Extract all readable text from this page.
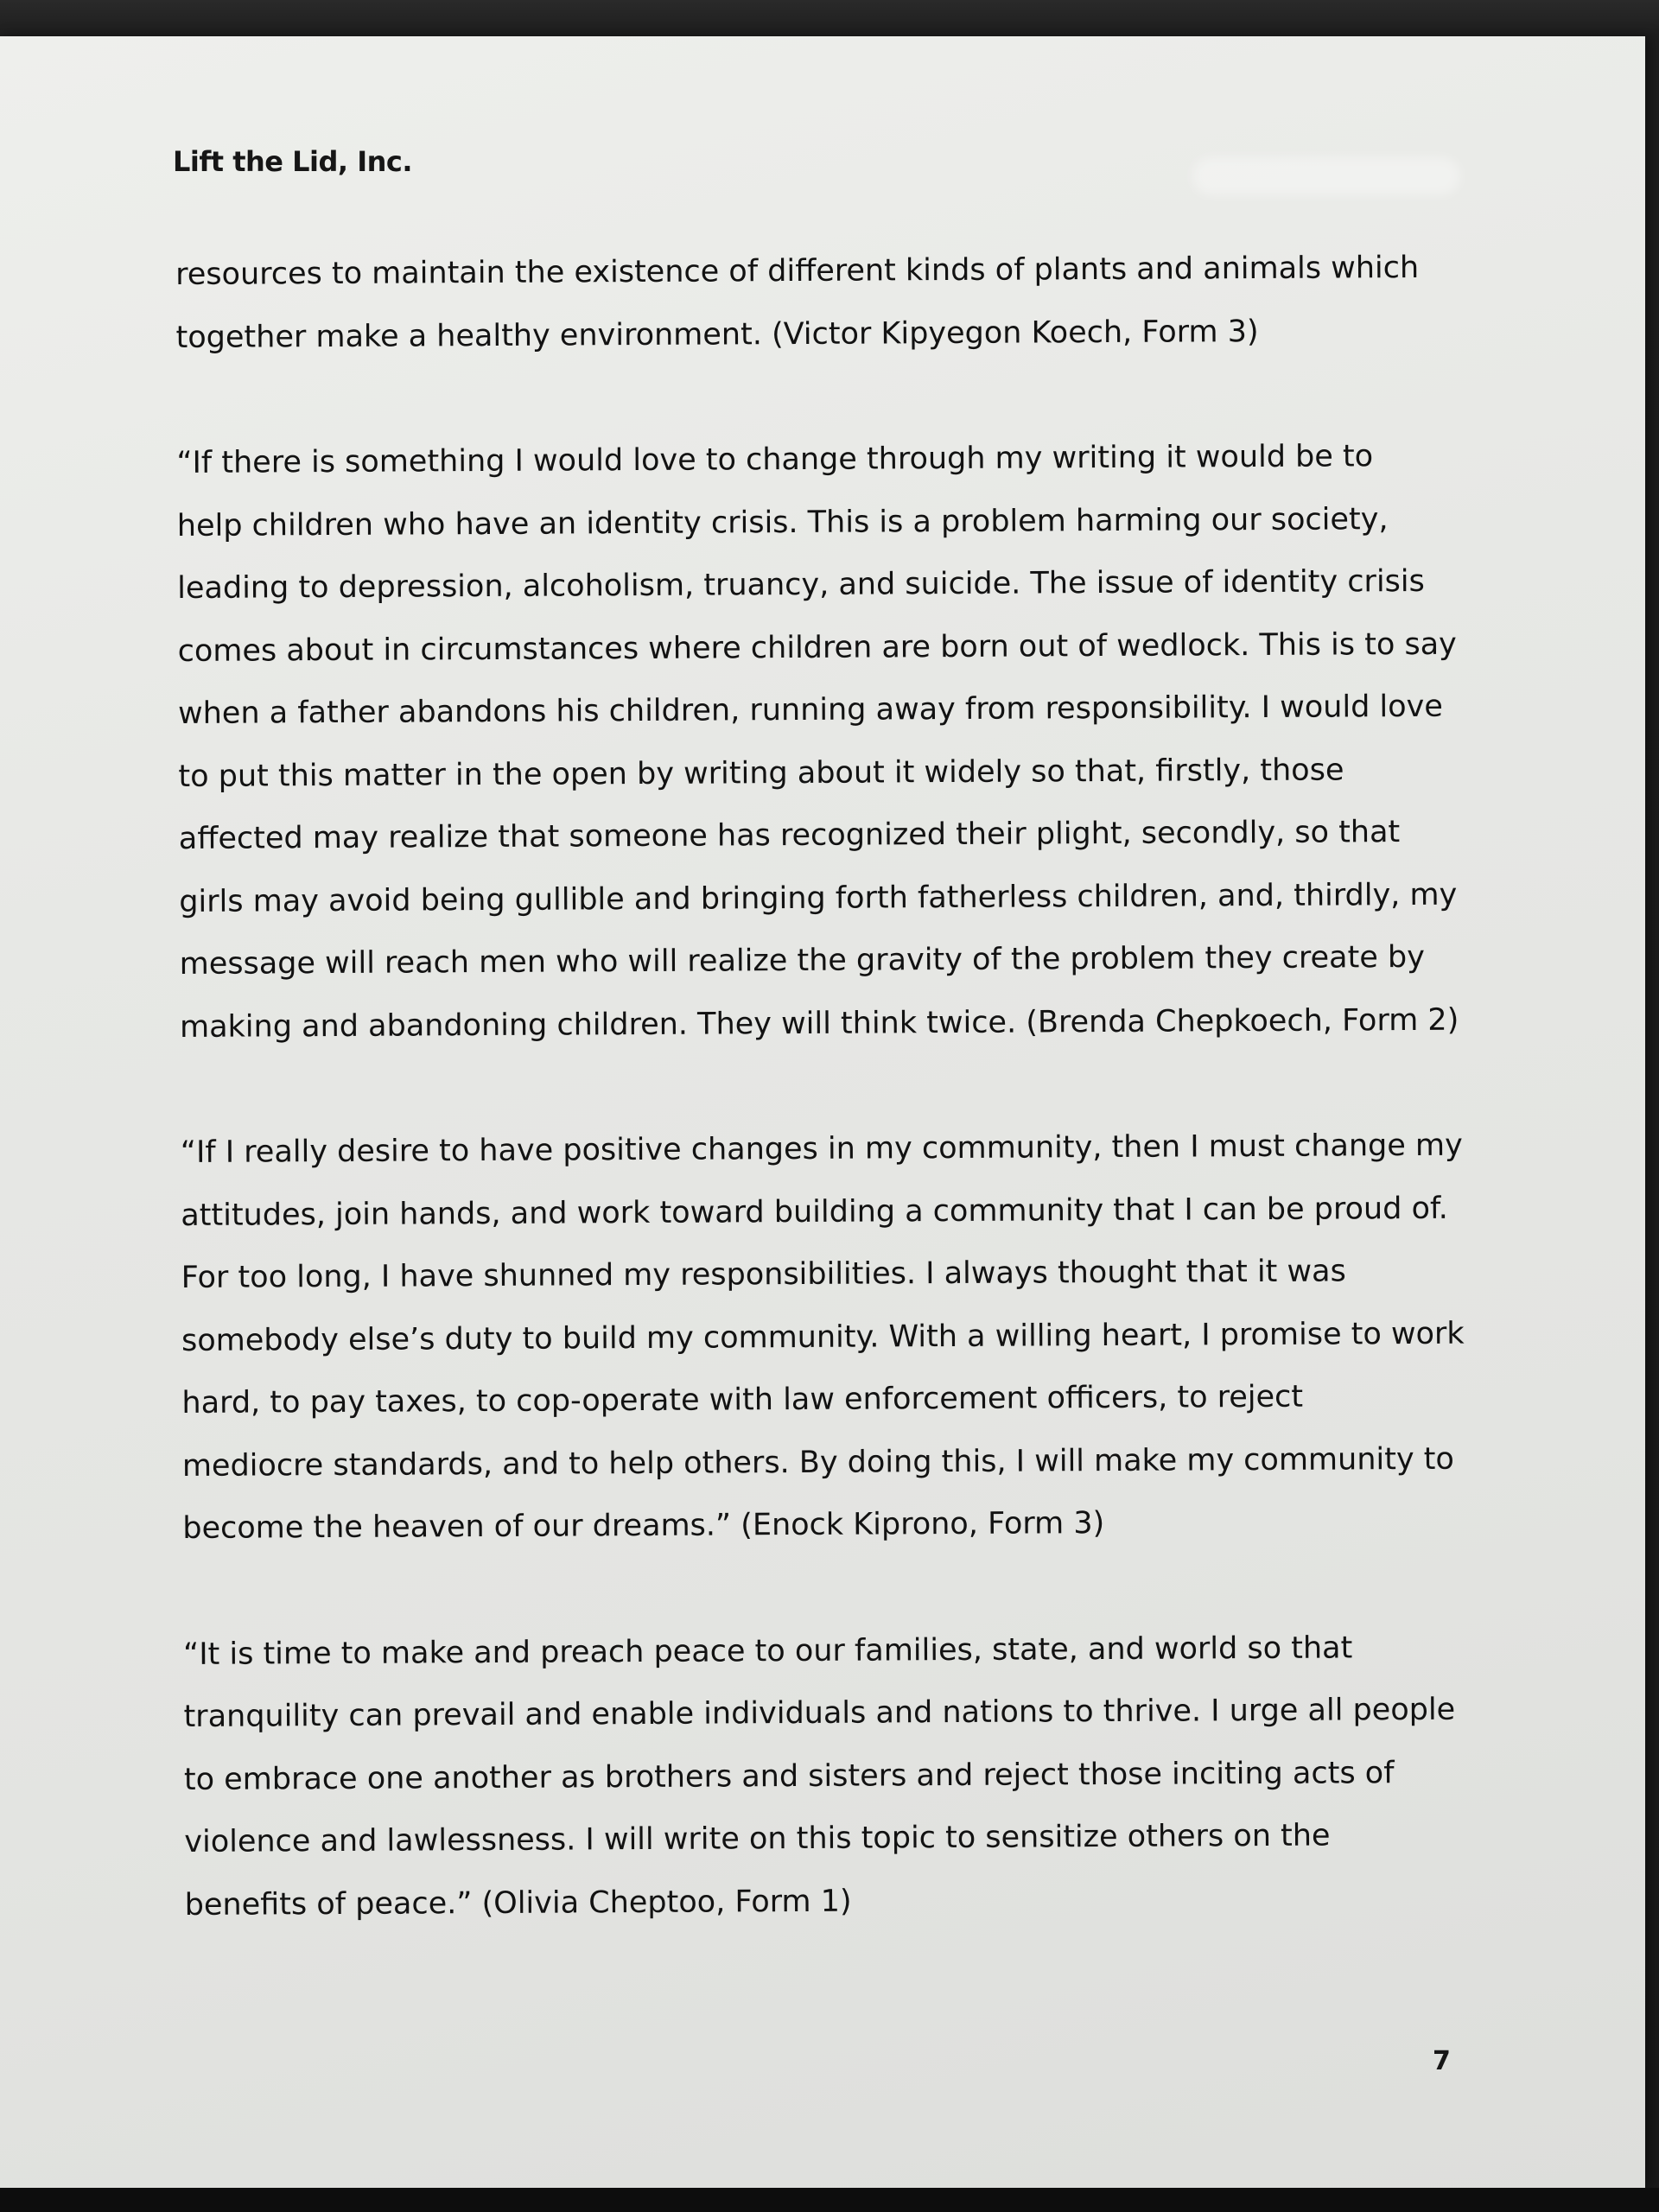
Lift the Lid, Inc.
resources to maintain the existence of different kinds of plants and animals which
together make a healthy environment. (Victor Kipyegon Koech, Form 3)
“If there is something I would love to change through my writing it would be to
help children who have an identity crisis. This is a problem harming our society,
leading to depression, alcoholism, truancy, and suicide. The issue of identity crisis
comes about in circumstances where children are born out of wedlock. This is to say
when a father abandons his children, running away from responsibility. I would love
to put this matter in the open by writing about it widely so that, firstly, those
affected may realize that someone has recognized their plight, secondly, so that
girls may avoid being gullible and bringing forth fatherless children, and, thirdly, my
message will reach men who will realize the gravity of the problem they create by
making and abandoning children. They will think twice. (Brenda Chepkoech, Form 2)
“If I really desire to have positive changes in my community, then I must change my
attitudes, join hands, and work toward building a community that I can be proud of.
For too long, I have shunned my responsibilities. I always thought that it was
somebody else’s duty to build my community. With a willing heart, I promise to work
hard, to pay taxes, to cop-operate with law enforcement officers, to reject
mediocre standards, and to help others. By doing this, I will make my community to
become the heaven of our dreams.” (Enock Kiprono, Form 3)
“It is time to make and preach peace to our families, state, and world so that
tranquility can prevail and enable individuals and nations to thrive. I urge all people
to embrace one another as brothers and sisters and reject those inciting acts of
violence and lawlessness. I will write on this topic to sensitize others on the
benefits of peace.” (Olivia Cheptoo, Form 1)
7
